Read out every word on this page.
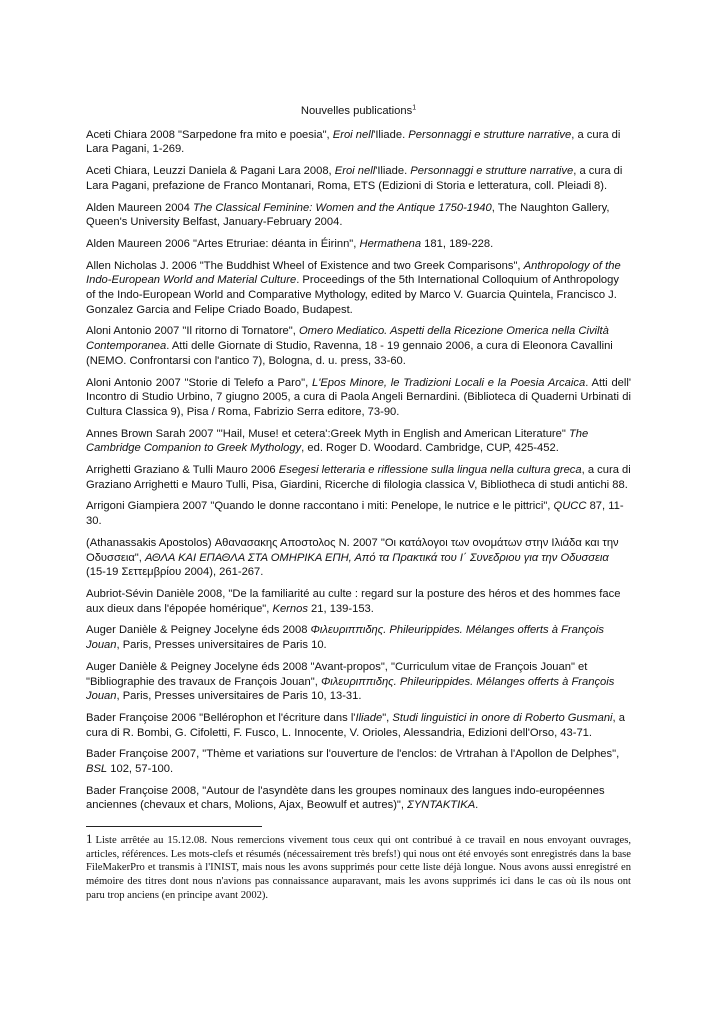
Nouvelles publications$^1$

Aceti Chiara 2008 "Sarpedone fra mito e poesia", Eroi nell'Iliade. Personnaggi e strutture narrative, a cura di Lara Pagani, 1-269.

Aceti Chiara, Leuzzi Daniela & Pagani Lara 2008, Eroi nell'Iliade. Personnaggi e strutture narrative, a cura di Lara Pagani, prefazione de Franco Montanari, Roma, ETS (Edizioni di Storia e letteratura, coll. Pleiadi 8).

Alden Maureen 2004 The Classical Feminine: Women and the Antique 1750-1940, The Naughton Gallery, Queen's University Belfast, January-February 2004.

Alden Maureen 2006 "Artes Etruriae: déanta in Éirinn", Hermathena 181, 189-228.

Allen Nicholas J. 2006 "The Buddhist Wheel of Existence and two Greek Comparisons", Anthropology of the Indo-European World and Material Culture. Proceedings of the 5th International Colloquium of Anthropology of the Indo-European World and Comparative Mythology, edited by Marco V. Guarcia Quintela, Francisco J. Gonzalez Garcia and Felipe Criado Boado, Budapest.

Aloni Antonio 2007 "Il ritorno di Tornatore", Omero Mediatico. Aspetti della Ricezione Omerica nella Civiltà Contemporanea. Atti delle Giornate di Studio, Ravenna, 18 - 19 gennaio 2006, a cura di Eleonora Cavallini (NEMO. Confrontarsi con l'antico 7), Bologna, d. u. press, 33-60.

Aloni Antonio 2007 "Storie di Telefo a Paro", L'Epos Minore, le Tradizioni Locali e la Poesia Arcaica. Atti dell' Incontro di Studio Urbino, 7 giugno 2005, a cura di Paola Angeli Bernardini. (Biblioteca di Quaderni Urbinati di Cultura Classica 9), Pisa / Roma, Fabrizio Serra editore, 73-90.

Annes Brown Sarah 2007 "'Hail, Muse! et cetera':Greek Myth in English and American Literature" The Cambridge Companion to Greek Mythology, ed. Roger D. Woodard. Cambridge, CUP, 425-452.

Arrighetti Graziano & Tulli Mauro 2006 Esegesi letteraria e riflessione sulla lingua nella cultura greca, a cura di Graziano Arrighetti e Mauro Tulli, Pisa, Giardini, Ricerche di filologia classica V, Bibliotheca di studi antichi 88.

Arrigoni Giampiera 2007 "Quando le donne raccontano i miti: Penelope, le nutrice e le pittrici", QUCC 87, 11-30.

(Athanassakis Apostolos) Αθανασακης Αποστολος Ν. 2007 "Οι κατάλογοι των ονομάτων στην Ιλιάδα και την Οδυσσεια", ΑΘΛΑ ΚΑΙ ΕΠΑΘΛΑ ΣΤΑ ΟΜΗΡΙΚΑ ΕΠΗ, Από τα Πρακτικά του Ι΄ Συνεδριου για την Οδυσσεια (15-19 Σεττεμβρίου 2004), 261-267.

Aubriot-Sévin Danièle 2008, "De la familiarité au culte : regard sur la posture des héros et des hommes face aux dieux dans l'épopée homérique", Kernos 21, 139-153.

Auger Danièle & Peigney Jocelyne éds 2008 Φιλευριππιδης. Phileurippides. Mélanges offerts à François Jouan, Paris, Presses universitaires de Paris 10.

Auger Danièle & Peigney Jocelyne éds 2008 "Avant-propos", "Curriculum vitae de François Jouan" et "Bibliographie des travaux de François Jouan", Φιλευριππιδης. Phileurippides. Mélanges offerts à François Jouan, Paris, Presses universitaires de Paris 10, 13-31.

Bader Françoise 2006 "Bellérophon et l'écriture dans l'Iliade", Studi linguistici in onore di Roberto Gusmani, a cura di R. Bombi, G. Cifoletti, F. Fusco, L. Innocente, V. Orioles, Alessandria, Edizioni dell'Orso, 43-71.

Bader Françoise 2007, "Thème et variations sur l'ouverture de l'enclos: de Vrtrahan à l'Apollon de Delphes", BSL 102, 57-100.

Bader Françoise 2008, "Autour de l'asyndète dans les groupes nominaux des langues indo-européennes anciennes (chevaux et chars, Molions, Ajax, Beowulf et autres)", ΣΥΝΤΑΚΤΙΚΑ.

1 Liste arrêtée au 15.12.08. Nous remercions vivement tous ceux qui ont contribué à ce travail en nous envoyant ouvrages, articles, références. Les mots-clefs et résumés (nécessairement très brefs!) qui nous ont été envoyés sont enregistrés dans la base FileMakerPro et transmis à l'INIST, mais nous les avons supprimés pour cette liste déjà longue. Nous avons aussi enregistré en mémoire des titres dont nous n'avions pas connaissance auparavant, mais les avons supprimés ici dans le cas où ils nous ont paru trop anciens (en principe avant 2002).
